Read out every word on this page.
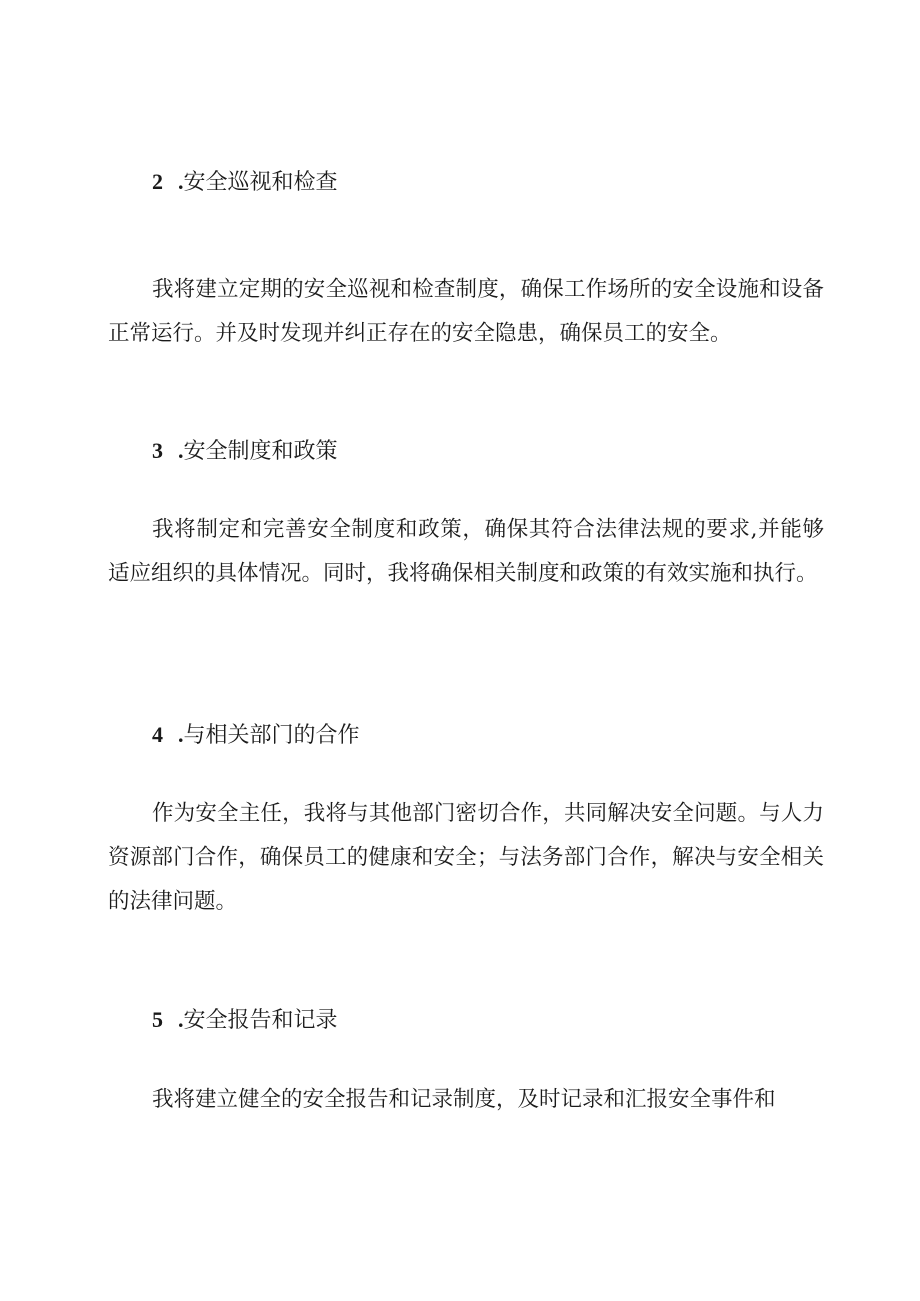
2 .安全巡视和检查

我将建立定期的安全巡视和检查制度，确保工作场所的安全设施和设备正常运行。并及时发现并纠正存在的安全隐患，确保员工的安全。

3 .安全制度和政策

我将制定和完善安全制度和政策，确保其符合法律法规的要求,并能够适应组织的具体情况。同时，我将确保相关制度和政策的有效实施和执行。

4 .与相关部门的合作

作为安全主任，我将与其他部门密切合作，共同解决安全问题。与人力资源部门合作，确保员工的健康和安全；与法务部门合作，解决与安全相关的法律问题。

5 .安全报告和记录

我将建立健全的安全报告和记录制度，及时记录和汇报安全事件和
